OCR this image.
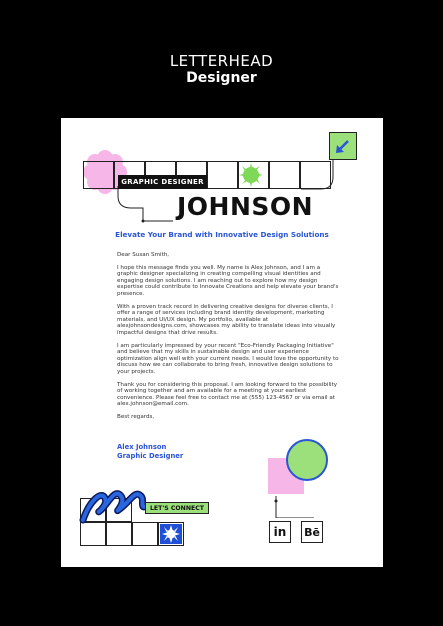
LETTERHEAD
Designer
GRAPHIC DESIGNER
JOHNSON
Elevate Your Brand with Innovative Design Solutions

Dear Susan Smith,

I hope this message finds you well. My name is Alex Johnson, and I am a graphic designer specializing in creating compelling visual identities and engaging design solutions. I am reaching out to explore how my design expertise could contribute to Innovate Creations and help elevate your brand's presence.

With a proven track record in delivering creative designs for diverse clients, I offer a range of services including brand identity development, marketing materials, and UI/UX design. My portfolio, available at alexjohnsondesigns.com, showcases my ability to translate ideas into visually impactful designs that drive results.

I am particularly impressed by your recent "Eco-Friendly Packaging Initiative" and believe that my skills in sustainable design and user experience optimization align well with your current needs. I would love the opportunity to discuss how we can collaborate to bring fresh, innovative design solutions to your projects.

Thank you for considering this proposal. I am looking forward to the possibility of working together and am available for a meeting at your earliest convenience. Please feel free to contact me at (555) 123-4567 or via email at alex.johnson@email.com.

Best regards,

Alex Johnson
Graphic Designer
LET'S CONNECT
in Bē
